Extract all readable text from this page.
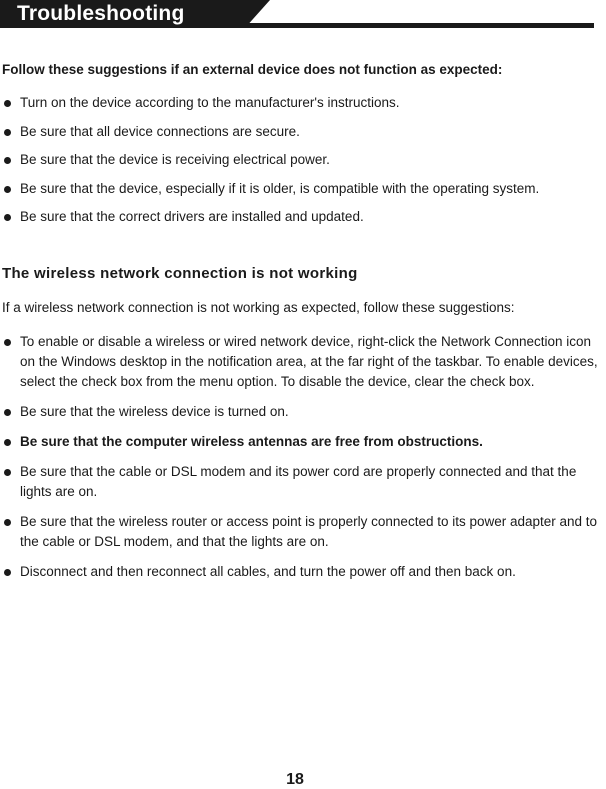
Troubleshooting
Follow these suggestions if an external device does not function as expected:
Turn on the device according to the manufacturer's instructions.
Be sure that all device connections are secure.
Be sure that the device is receiving electrical power.
Be sure that the device, especially if it is older, is compatible with the operating system.
Be sure that the correct drivers are installed and updated.
The wireless network connection is not working
If a wireless network connection is not working as expected, follow these suggestions:
To enable or disable a wireless or wired network device, right-click the Network Connection icon on the Windows desktop in the notification area, at the far right of the taskbar. To enable devices, select the check box from the menu option. To disable the device, clear the check box.
Be sure that the wireless device is turned on.
Be sure that the computer wireless antennas are free from obstructions.
Be sure that the cable or DSL modem and its power cord are properly connected and that the lights are on.
Be sure that the wireless router or access point is properly connected to its power adapter and to the cable or DSL modem, and that the lights are on.
Disconnect and then reconnect all cables, and turn the power off and then back on.
18
